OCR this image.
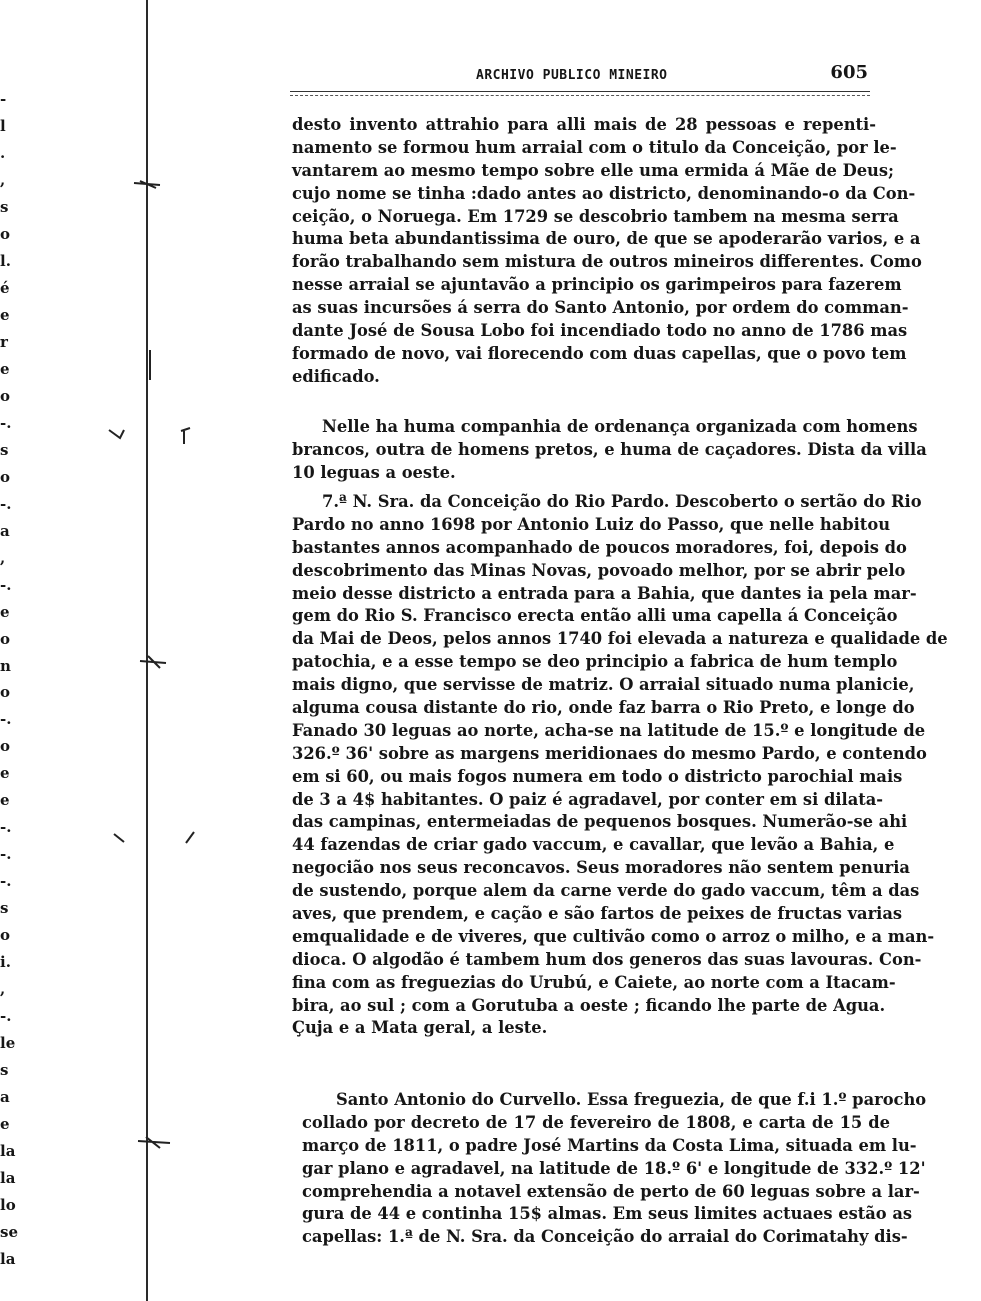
-
l
.
,
s
o
l.
é
e
r
e
o
-.
s
o
-.
a
,
-.
e
o
n
o
-.
o
e
e
-.
-.
-.
s
o
i.
,
-.
le
s
a
e
la
la
lo
se
la
ARCHIVO PUBLICO MINEIRO	605
desto invento attrahio para alli mais de 28 pessoas e repenti-
namento se formou hum arraial com o titulo da Conceição, por le-
vantarem ao mesmo tempo sobre elle uma ermida á Mãe de Deus;
cujo nome se tinha :dado antes ao districto, denominando-o da Con-
ceição, o Noruega. Em 1729 se descobrio tambem na mesma serra
huma beta abundantissima de ouro, de que se apoderarão varios, e a
forão trabalhando sem mistura de outros mineiros differentes. Como
nesse arraial se ajuntavão a principio os garimpeiros para fazerem
as suas incursões á serra do Santo Antonio, por ordem do comman-
dante José de Sousa Lobo foi incendiado todo no anno de 1786 mas
formado de novo, vai florecendo com duas capellas, que o povo tem
edificado.
Nelle ha huma companhia de ordenança organizada com homens
brancos, outra de homens pretos, e huma de caçadores. Dista da villa
10 leguas a oeste.
7.ª N. Sra. da Conceição do Rio Pardo. Descoberto o sertão do Rio
Pardo no anno 1698 por Antonio Luiz do Passo, que nelle habitou
bastantes annos acompanhado de poucos moradores, foi, depois do
descobrimento das Minas Novas, povoado melhor, por se abrir pelo
meio desse districto a entrada para a Bahia, que dantes ia pela mar-
gem do Rio S. Francisco erecta então alli uma capella á Conceição
da Mai de Deos, pelos annos 1740 foi elevada a natureza e qualidade de
patochia, e a esse tempo se deo principio a fabrica de hum templo
mais digno, que servisse de matriz. O arraial situado numa planicie,
alguma cousa distante do rio, onde faz barra o Rio Preto, e longe do
Fanado 30 leguas ao norte, acha-se na latitude de 15.º e longitude de
326.º 36' sobre as margens meridionaes do mesmo Pardo, e contendo
em si 60, ou mais fogos numera em todo o districto parochial mais
de 3 a 4$ habitantes. O paiz é agradavel, por conter em si dilata-
das campinas, entermeiadas de pequenos bosques. Numerão-se ahi
44 fazendas de criar gado vaccum, e cavallar, que levão a Bahia, e
negocião nos seus reconcavos. Seus moradores não sentem penuria
de sustendo, porque alem da carne verde do gado vaccum, têm a das
aves, que prendem, e cação e são fartos de peixes de fructas varias
emqualidade e de viveres, que cultivão como o arroz o milho, e a man-
dioca. O algodão é tambem hum dos generos das suas lavouras. Con-
fina com as freguezias do Urubú, e Caiete, ao norte com a Itacam-
bira, ao sul ; com a Gorutuba a oeste ; ficando lhe parte de Agua.
Çuja e a Mata geral, a leste.
Santo Antonio do Curvello. Essa freguezia, de que f.i 1.º parocho
collado por decreto de 17 de fevereiro de 1808, e carta de 15 de
março de 1811, o padre José Martins da Costa Lima, situada em lu-
gar plano e agradavel, na latitude de 18.º 6' e longitude de 332.º 12'
comprehendia a notavel extensão de perto de 60 leguas sobre a lar-
gura de 44 e continha 15$ almas. Em seus limites actuaes estão as
capellas: 1.ª de N. Sra. da Conceição do arraial do Corimatahy dis-
